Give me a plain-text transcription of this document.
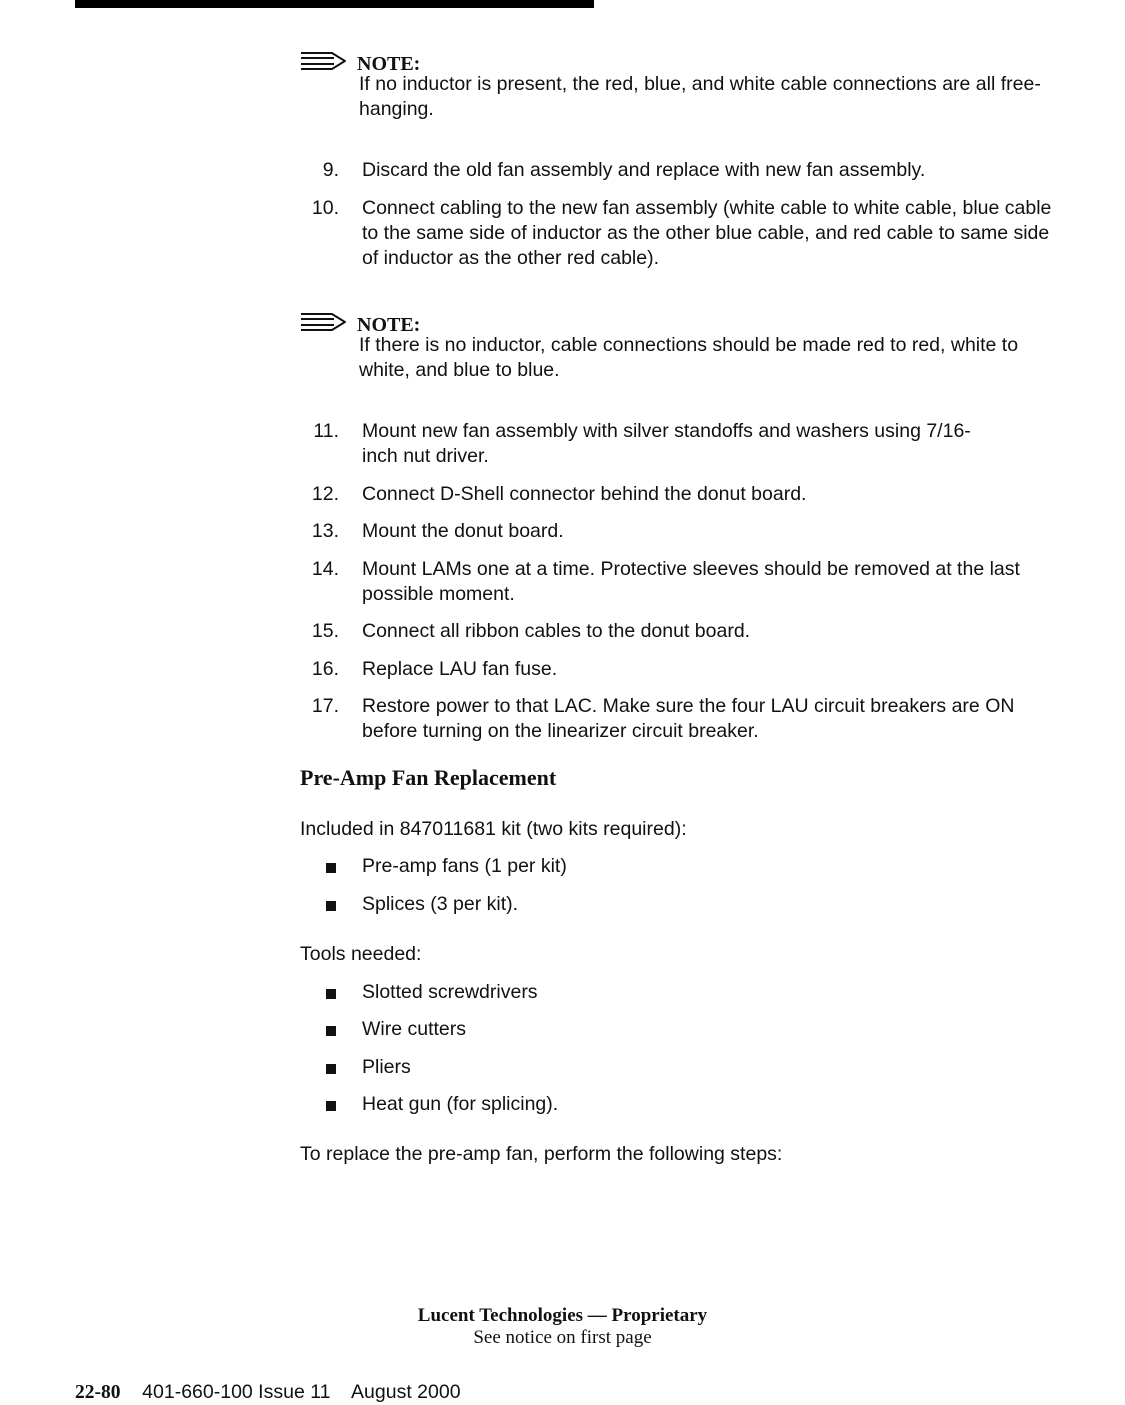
NOTE:
If no inductor is present, the red, blue, and white cable connections are all free-hanging.
9. Discard the old fan assembly and replace with new fan assembly.
10. Connect cabling to the new fan assembly (white cable to white cable, blue cable to the same side of inductor as the other blue cable, and red cable to same side of inductor as the other red cable).
NOTE:
If there is no inductor, cable connections should be made red to red, white to white, and blue to blue.
11. Mount new fan assembly with silver standoffs and washers using 7/16-inch nut driver.
12. Connect D-Shell connector behind the donut board.
13. Mount the donut board.
14. Mount LAMs one at a time. Protective sleeves should be removed at the last possible moment.
15. Connect all ribbon cables to the donut board.
16. Replace LAU fan fuse.
17. Restore power to that LAC. Make sure the four LAU circuit breakers are ON before turning on the linearizer circuit breaker.
Pre-Amp Fan Replacement
Included in 847011681 kit (two kits required):
Pre-amp fans (1 per kit)
Splices (3 per kit).
Tools needed:
Slotted screwdrivers
Wire cutters
Pliers
Heat gun (for splicing).
To replace the pre-amp fan, perform the following steps:
Lucent Technologies — Proprietary
See notice on first page
22-80 401-660-100 Issue 11    August 2000
